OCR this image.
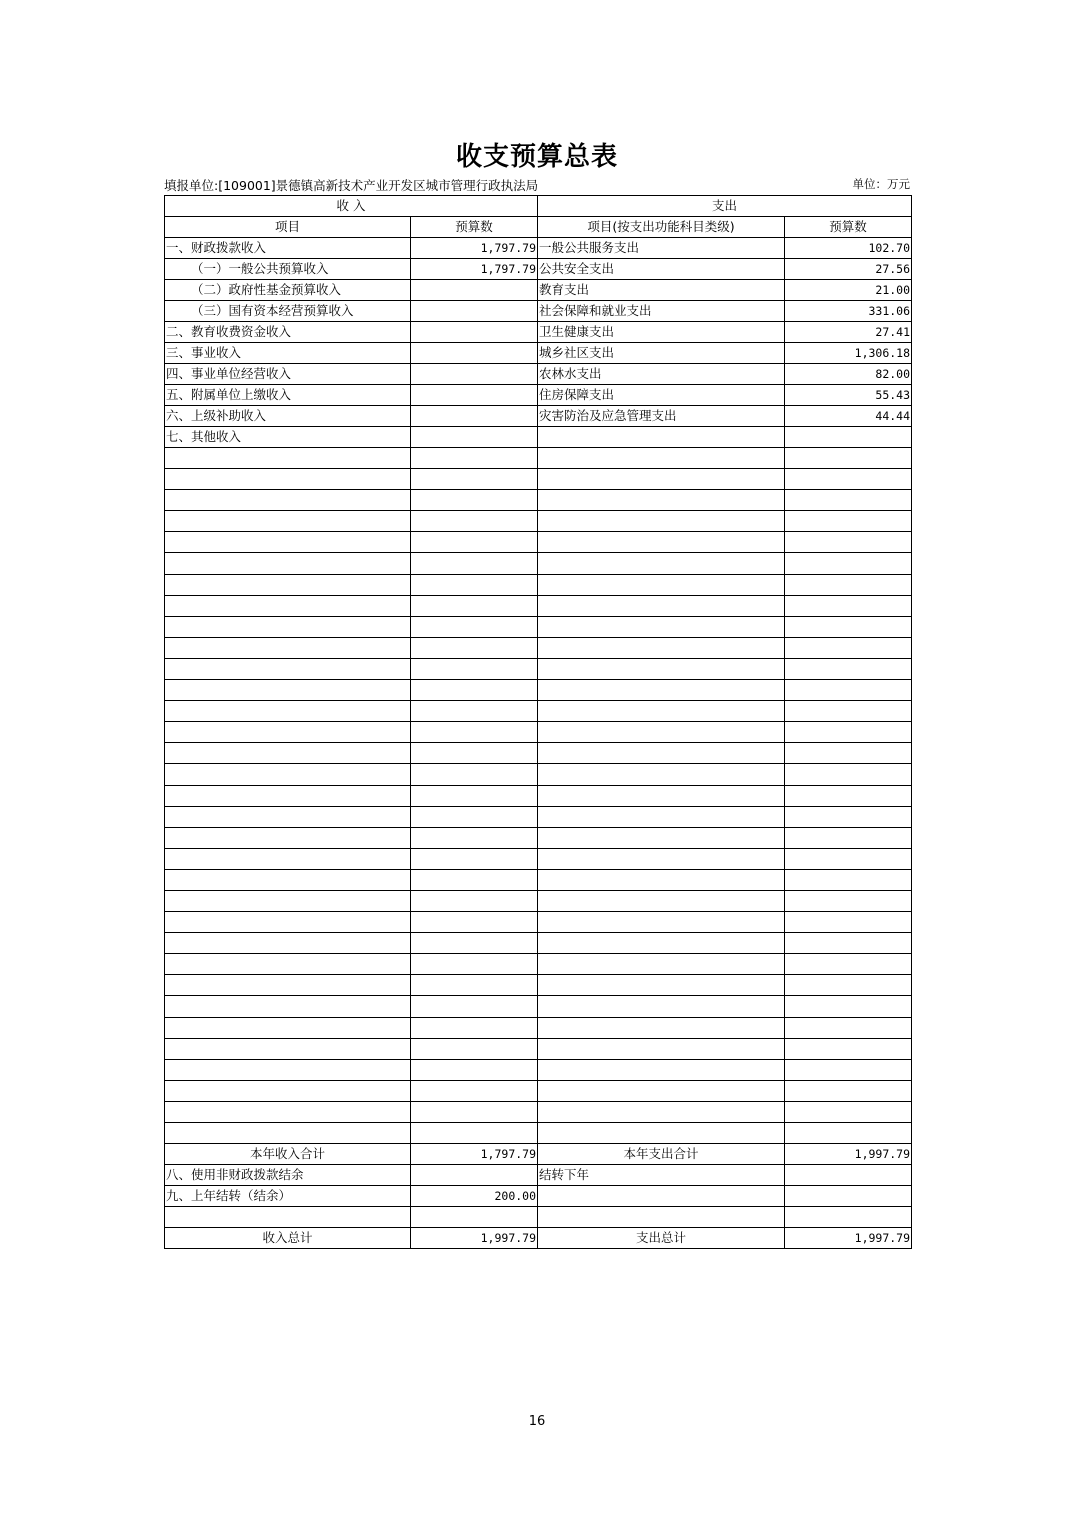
收支预算总表
填报单位:[109001]景德镇高新技术产业开发区城市管理行政执法局	单位：万元
收 入		支出	
项目	预算数	项目(按支出功能科目类级)	预算数
一、财政拨款收入	1,797.79	一般公共服务支出	102.70
（一）一般公共预算收入	1,797.79	公共安全支出	27.56
（二）政府性基金预算收入		教育支出	21.00
（三）国有资本经营预算收入		社会保障和就业支出	331.06
二、教育收费资金收入		卫生健康支出	27.41
三、事业收入		城乡社区支出	1,306.18
四、事业单位经营收入		农林水支出	82.00
五、附属单位上缴收入		住房保障支出	55.43
六、上级补助收入		灾害防治及应急管理支出	44.44
七、其他收入			

本年收入合计	1,797.79	本年支出合计	1,997.79
八、使用非财政拨款结余		结转下年	
九、上年结转（结余）	200.00		

收入总计	1,997.79	支出总计	1,997.79
16
